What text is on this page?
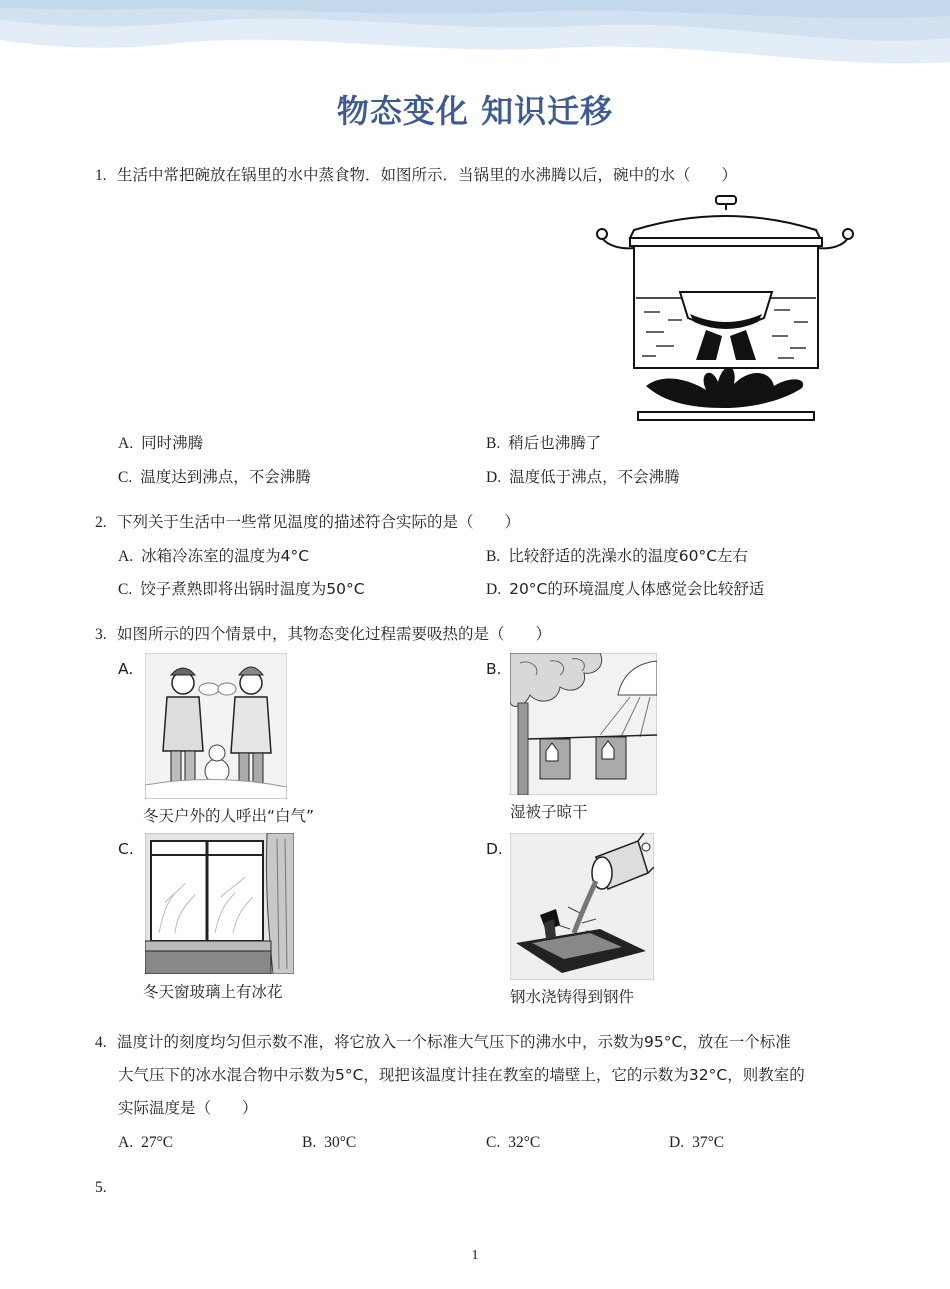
物态变化 知识迁移
1. 生活中常把碗放在锅里的水中蒸食物．如图所示．当锅里的水沸腾以后，碗中的水（　　）
A. 同时沸腾	B. 稍后也沸腾了
C. 温度达到沸点，不会沸腾	D. 温度低于沸点，不会沸腾
2. 下列关于生活中一些常见温度的描述符合实际的是（　　）
A. 冰箱冷冻室的温度为4°C	B. 比较舒适的洗澡水的温度60°C左右
C. 饺子煮熟即将出锅时温度为50°C	D. 20°C的环境温度人体感觉会比较舒适
3. 如图所示的四个情景中，其物态变化过程需要吸热的是（　　）
A.
冬天户外的人呼出“白气”
B.
湿被子晾干
C.
冬天窗玻璃上有冰花
D.
钢水浇铸得到钢件
4. 温度计的刻度均匀但示数不准，将它放入一个标准大气压下的沸水中，示数为95°C，放在一个标准
大气压下的冰水混合物中示数为5°C，现把该温度计挂在教室的墙壁上，它的示数为32°C，则教室的
实际温度是（　　）
A. 27°C	B. 30°C	C. 32°C	D. 37°C
5.
1
